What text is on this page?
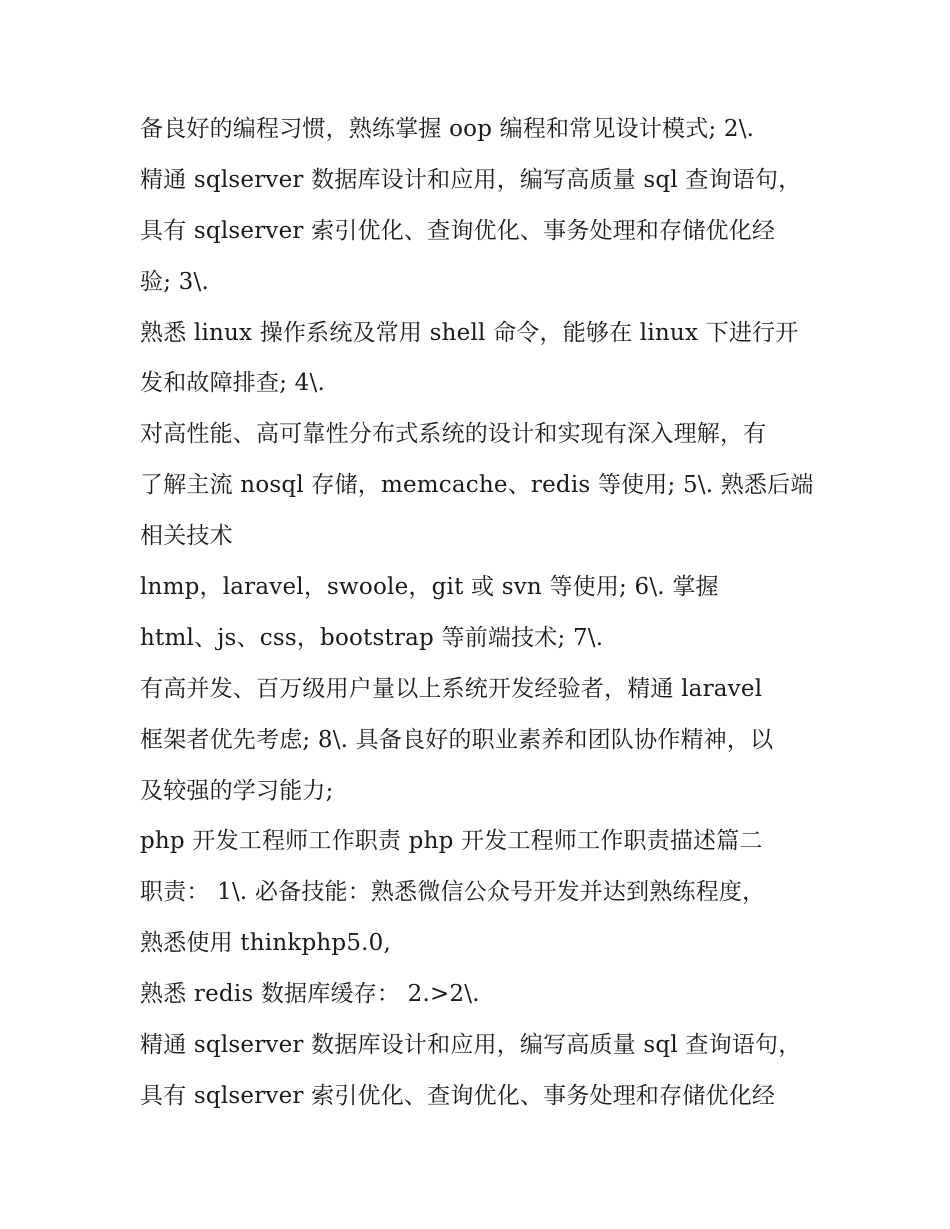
备良好的编程习惯，熟练掌握 oop 编程和常见设计模式; 2\.
精通 sqlserver 数据库设计和应用，编写高质量 sql 查询语句，
具有 sqlserver 索引优化、查询优化、事务处理和存储优化经
验; 3\.
熟悉 linux 操作系统及常用 shell 命令，能够在 linux 下进行开
发和故障排查; 4\.
对高性能、高可靠性分布式系统的设计和实现有深入理解，有
了解主流 nosql 存储，memcache、redis 等使用; 5\. 熟悉后端
相关技术
lnmp，laravel，swoole，git 或 svn 等使用; 6\. 掌握
html、js、css，bootstrap 等前端技术; 7\.
有高并发、百万级用户量以上系统开发经验者，精通 laravel
框架者优先考虑; 8\. 具备良好的职业素养和团队协作精神，以
及较强的学习能力;
php 开发工程师工作职责 php 开发工程师工作职责描述篇二
职责： 1\. 必备技能：熟悉微信公众号开发并达到熟练程度，
熟悉使用 thinkphp5.0,
熟悉 redis 数据库缓存： 2.>2\.
精通 sqlserver 数据库设计和应用，编写高质量 sql 查询语句，
具有 sqlserver 索引优化、查询优化、事务处理和存储优化经
